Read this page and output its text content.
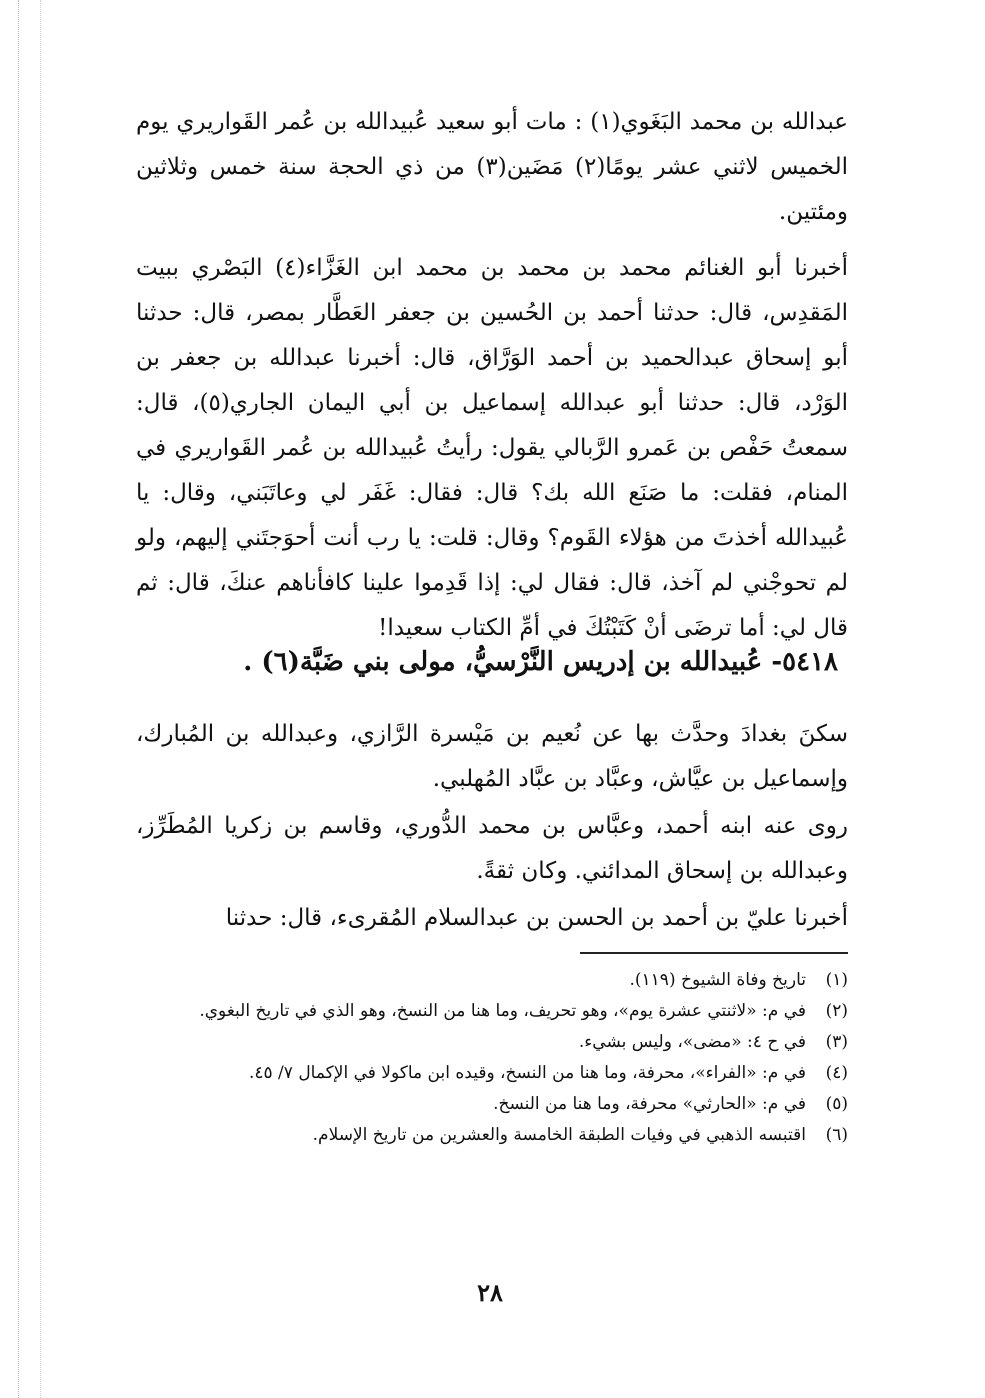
عبدالله بن محمد البَغَوي(١) : مات أبو سعيد عُبيدالله بن عُمر القَواريري يوم الخميس لاثني عشر يومًا(٢) مَضَين(٣) من ذي الحجة سنة خمس وثلاثين ومئتين.

أخبرنا أبو الغنائم محمد بن محمد بن محمد ابن الغَزَّاء(٤) البَصْري ببيت المَقدِس، قال: حدثنا أحمد بن الحُسين بن جعفر العَطَّار بمصر، قال: حدثنا أبو إسحاق عبدالحميد بن أحمد الوَرَّاق، قال: أخبرنا عبدالله بن جعفر بن الوَرْد، قال: حدثنا أبو عبدالله إسماعيل بن أبي اليمان الجاري(٥)، قال: سمعتُ حَفْص بن عَمرو الرَّبالي يقول: رأيتُ عُبيدالله بن عُمر القَواريري في المنام، فقلت: ما صَنَع الله بك؟ قال: فقال: غَفَر لي وعاتَبَني، وقال: يا عُبيدالله أخذتَ من هؤلاء القَوم؟ وقال: قلت: يا رب أنت أحوَجتَني إليهم، ولو لم تحوجْني لم آخذ، قال: فقال لي: إذا قَدِموا علينا كافأناهم عنكَ، قال: ثم قال لي: أما ترضَى أنْ كَتَبْتُكَ في أمِّ الكتاب سعيدا!

٥٤١٨- عُبيدالله بن إدريس النَّرْسيُّ، مولى بني ضَبَّة(٦) .

سكنَ بغدادَ وحدَّث بها عن نُعيم بن مَيْسرة الرَّازي، وعبدالله بن المُبارك، وإسماعيل بن عيَّاش، وعبَّاد بن عبَّاد المُهلبي.

روى عنه ابنه أحمد، وعبَّاس بن محمد الدُّوري، وقاسم بن زكريا المُطَرِّز، وعبدالله بن إسحاق المدائني. وكان ثقةً.

أخبرنا عليّ بن أحمد بن الحسن بن عبدالسلام المُقرىء، قال: حدثنا

(١)
تاريخ وفاة الشيوخ (١١٩).
(٢)
في م: «لاثنتي عشرة يوم»، وهو تحريف، وما هنا من النسخ، وهو الذي في تاريخ البغوي.
(٣)
في ح ٤: «مضى»، وليس بشيء.
(٤)
في م: «الفراء»، محرفة، وما هنا من النسخ، وقيده ابن ماكولا في الإكمال ٧/ ٤٥.
(٥)
في م: «الحارثي» محرفة، وما هنا من النسخ.
(٦)
اقتبسه الذهبي في وفيات الطبقة الخامسة والعشرين من تاريخ الإسلام.
٢٨
